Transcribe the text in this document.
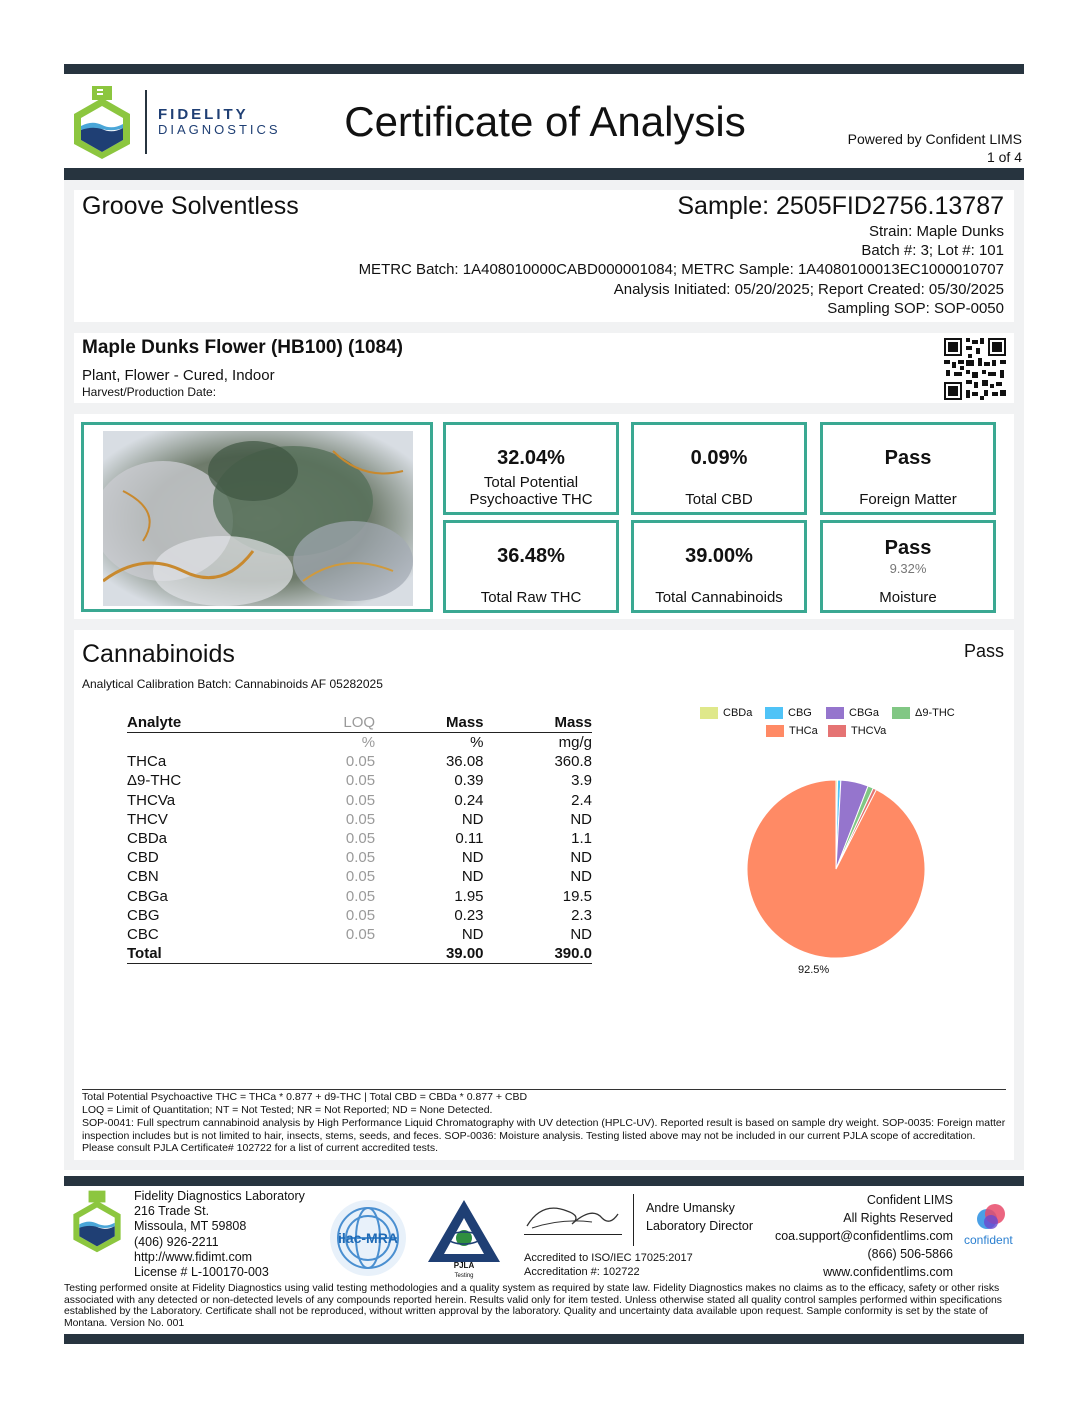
FIDELITY
DIAGNOSTICS	Certificate of Analysis	Powered by Confident LIMS
1 of 4
Groove Solventless	Sample: 2505FID2756.13787
Strain: Maple Dunks
Batch #: 3; Lot #: 101
METRC Batch: 1A408010000CABD000001084; METRC Sample: 1A4080100013EC1000010707
Analysis Initiated: 05/20/2025; Report Created: 05/30/2025
Sampling SOP: SOP-0050
Maple Dunks Flower (HB100) (1084)
Plant, Flower - Cured, Indoor
Harvest/Production Date:
32.04%
Total Potential Psychoactive THC
0.09%
Total CBD
Pass
Foreign Matter
36.48%
Total Raw THC
39.00%
Total Cannabinoids
Pass
9.32%
Moisture
Cannabinoids	Pass
Analytical Calibration Batch: Cannabinoids AF 05282025
Analyte	LOQ	Mass	Mass
	%	%	mg/g
THCa	0.05	36.08	360.8
Δ9-THC	0.05	0.39	3.9
THCVa	0.05	0.24	2.4
THCV	0.05	ND	ND
CBDa	0.05	0.11	1.1
CBD	0.05	ND	ND
CBN	0.05	ND	ND
CBGa	0.05	1.95	19.5
CBG	0.05	0.23	2.3
CBC	0.05	ND	ND
Total		39.00	390.0
CBDa	CBG	CBGa	Δ9-THC
THCa	THCVa
92.5%
Total Potential Psychoactive THC = THCa * 0.877 + d9-THC | Total CBD = CBDa * 0.877 + CBD
LOQ = Limit of Quantitation; NT = Not Tested; NR = Not Reported; ND = None Detected.
SOP-0041: Full spectrum cannabinoid analysis by High Performance Liquid Chromatography with UV detection (HPLC-UV). Reported result is based on sample dry weight. SOP-0035: Foreign matter inspection includes but is not limited to hair, insects, stems, seeds, and feces. SOP-0036: Moisture analysis. Testing listed above may not be included in our current PJLA scope of accreditation. Please consult PJLA Certificate# 102722 for a list of current accredited tests.
Fidelity Diagnostics Laboratory
216 Trade St.
Missoula, MT 59808
(406) 926-2211
http://www.fidimt.com
License # L-100170-003
ilac-MRA
PJLA
Testing
Andre Umansky
Laboratory Director
Accredited to ISO/IEC 17025:2017
Accreditation #: 102722
Confident LIMS
All Rights Reserved
coa.support@confidentlims.com
(866) 506-5866
www.confidentlims.com
confident
Testing performed onsite at Fidelity Diagnostics using valid testing methodologies and a quality system as required by state law. Fidelity Diagnostics makes no claims as to the efficacy, safety or other risks associated with any detected or non-detected levels of any compounds reported herein. Results valid only for item tested. Unless otherwise stated all quality control samples performed within specifications established by the Laboratory. Certificate shall not be reproduced, without written approval by the laboratory. Quality and uncertainty data available upon request. Sample conformity is set by the state of Montana. Version No. 001
